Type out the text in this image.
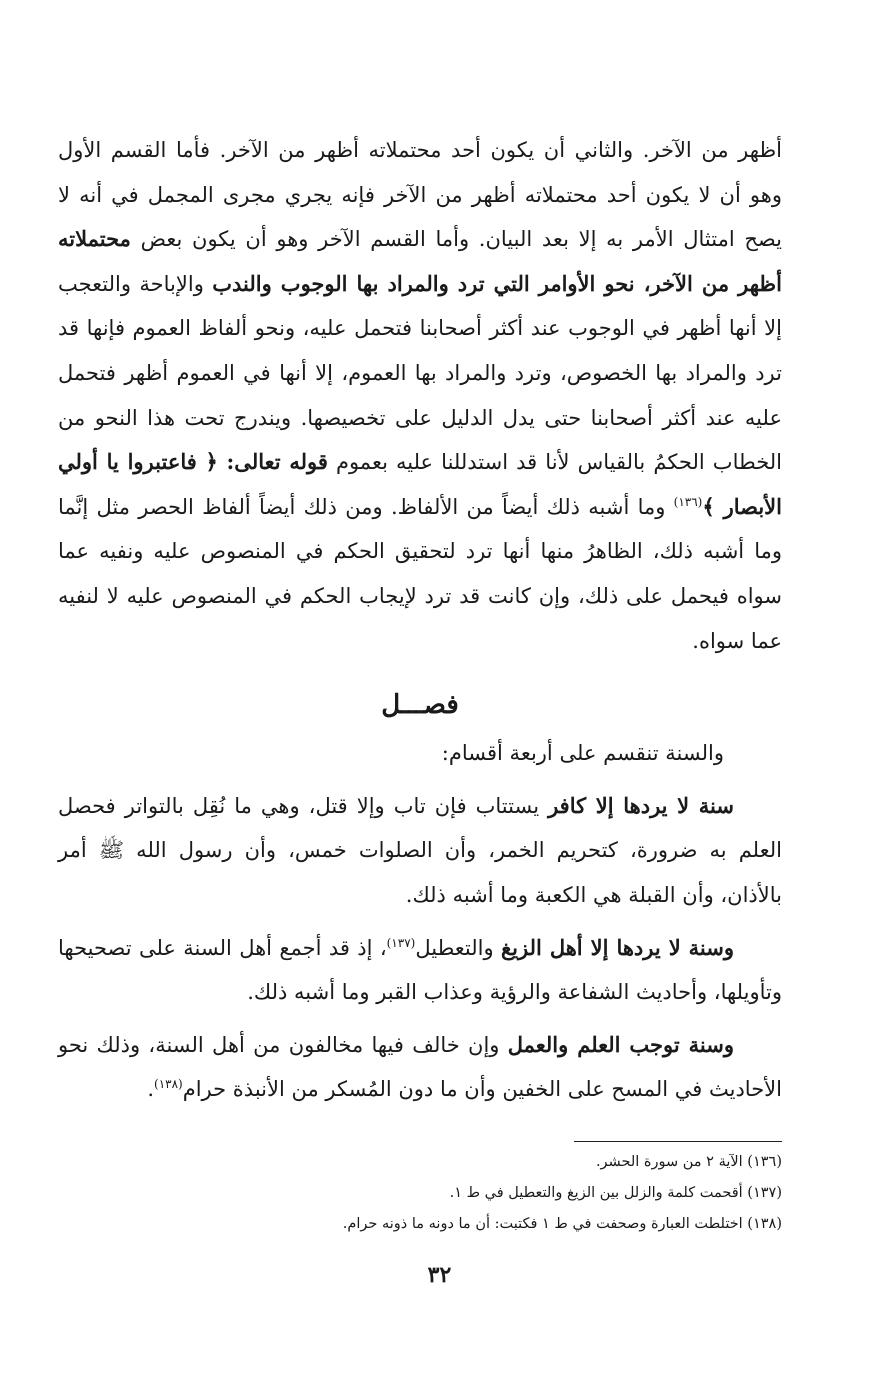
أظهر من الآخر. والثاني أن يكون أحد محتملاته أظهر من الآخر. فأما القسم الأول وهو أن لا يكون أحد محتملاته أظهر من الآخر فإنه يجري مجرى المجمل في أنه لا يصح امتثال الأمر به إلا بعد البيان. وأما القسم الآخر وهو أن يكون بعض محتملاته أظهر من الآخر، نحو الأوامر التي ترد والمراد بها الوجوب والندب والإباحة والتعجب إلا أنها أظهر في الوجوب عند أكثر أصحابنا فتحمل عليه، ونحو ألفاظ العموم فإنها قد ترد والمراد بها الخصوص، وترد والمراد بها العموم، إلا أنها في العموم أظهر فتحمل عليه عند أكثر أصحابنا حتى يدل الدليل على تخصيصها. ويندرج تحت هذا النحو من الخطاب الحكمُ بالقياس لأنا قد استدللنا عليه بعموم قوله تعالى: ﴿ فاعتبروا يا أولي الأبصار ﴾$^{(١٣٦)}$ وما أشبه ذلك أيضاً من الألفاظ. ومن ذلك أيضاً ألفاظ الحصر مثل إنَّما وما أشبه ذلك، الظاهرُ منها أنها ترد لتحقيق الحكم في المنصوص عليه ونفيه عما سواه فيحمل على ذلك، وإن كانت قد ترد لإيجاب الحكم في المنصوص عليه لا لنفيه عما سواه.

فصـــل

والسنة تنقسم على أربعة أقسام:

سنة لا يردها إلا كافر يستتاب فإن تاب وإلا قتل، وهي ما نُقِل بالتواتر فحصل العلم به ضرورة، كتحريم الخمر، وأن الصلوات خمس، وأن رسول الله ﷺ أمر بالأذان، وأن القبلة هي الكعبة وما أشبه ذلك.

وسنة لا يردها إلا أهل الزيغ والتعطيل$^{(١٣٧)}$، إذ قد أجمع أهل السنة على تصحيحها وتأويلها، وأحاديث الشفاعة والرؤية وعذاب القبر وما أشبه ذلك.

وسنة توجب العلم والعمل وإن خالف فيها مخالفون من أهل السنة، وذلك نحو الأحاديث في المسح على الخفين وأن ما دون المُسكر من الأنبذة حرام$^{(١٣٨)}$.

(١٣٦) الآية ٢ من سورة الحشر.

(١٣٧) أقحمت كلمة والزلل بين الزيغ والتعطيل في ط ١.

(١٣٨) اختلطت العبارة وصحفت في ط ١ فكتبت: أن ما دونه ما ذونه حرام.

٣٢
